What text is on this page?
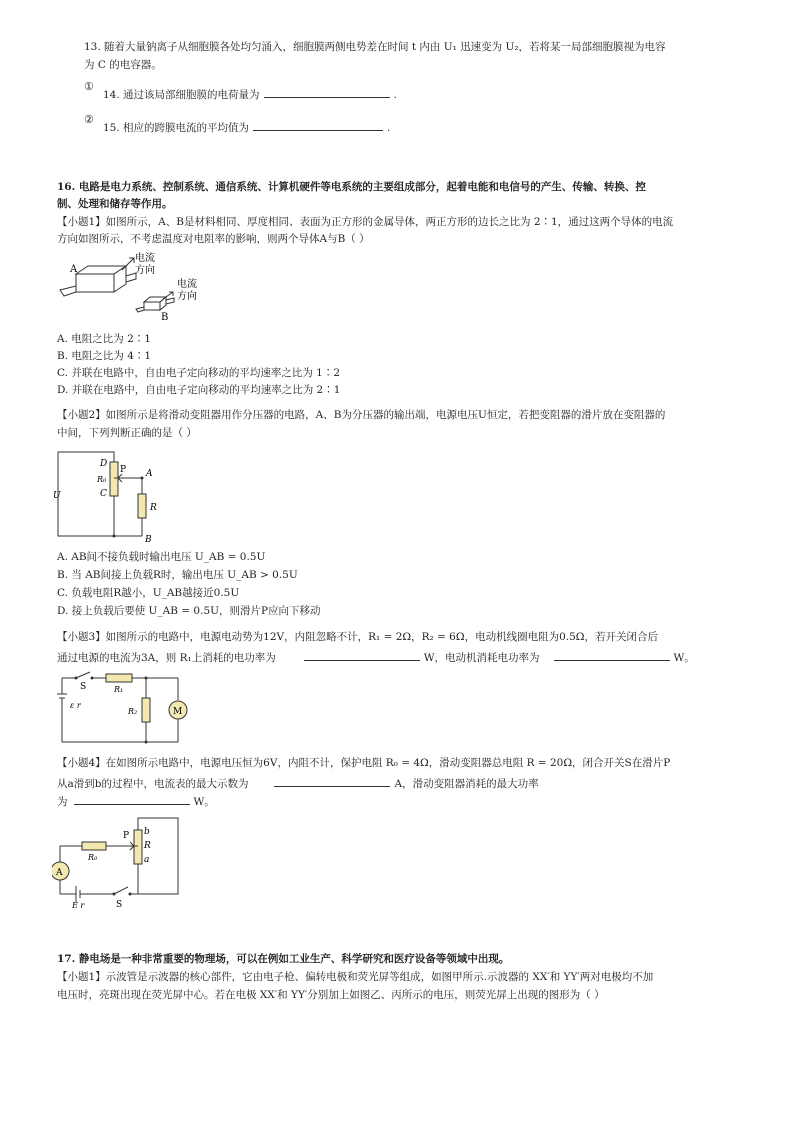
13. 随着大量钠离子从细胞膜各处均匀涌入，细胞膜两侧电势差在时间 t 内由 U₁ 迅速变为 U₂，若将某一局部细胞膜视为电容
为 C 的电容器。
①
14. 通过该局部细胞膜的电荷量为	.
②
15. 相应的跨膜电流的平均值为	.
16. 电路是电力系统、控制系统、通信系统、计算机硬件等电系统的主要组成部分，起着电能和电信号的产生、传输、转换、控
制、处理和储存等作用。
【小题1】如图所示，A、B是材料相同、厚度相同、表面为正方形的金属导体，两正方形的边长之比为 2∶1，通过这两个导体的电流
方向如图所示，不考虑温度对电阻率的影响，则两个导体A与B（ ）
A
电流
方向
电流
方向
B
A. 电阻之比为 2∶1
B. 电阻之比为 4∶1
C. 并联在电路中，自由电子定向移动的平均速率之比为 1∶2
D. 并联在电路中，自由电子定向移动的平均速率之比为 2∶1
【小题2】如图所示是将滑动变阻器用作分压器的电路，A、B为分压器的输出端，电源电压U恒定，若把变阻器的滑片放在变阻器的
中间，下列判断正确的是（ ）
D
P
R₀
C
A
U
R
B
A. AB间不接负载时输出电压 U_AB = 0.5U
B. 当 AB间接上负载R时，输出电压 U_AB > 0.5U
C. 负载电阻R越小，U_AB越接近0.5U
D. 接上负载后要使 U_AB = 0.5U，则滑片P应向下移动
【小题3】如图所示的电路中，电源电动势为12V，内阻忽略不计，R₁ = 2Ω，R₂ = 6Ω，电动机线圈电阻为0.5Ω，若开关闭合后
通过电源的电流为3A，则 R₁上消耗的电功率为	W，电动机消耗电功率为	W。
S	R₁
R₂	M
ε r
【小题4】在如图所示电路中，电源电压恒为6V，内阻不计，保护电阻 R₀ = 4Ω，滑动变阻器总电阻 R = 20Ω，闭合开关S在滑片P
从a滑到b的过程中，电流表的最大示数为	A，滑动变阻器消耗的最大功率
为	W。
P b
R
a
R₀
A
E r	S
17. 静电场是一种非常重要的物理场，可以在例如工业生产、科学研究和医疗设备等领域中出现。
【小题1】示波管是示波器的核心部件，它由电子枪、偏转电极和荧光屏等组成，如图甲所示.示波器的 XX′和 YY′两对电极均不加
电压时，亮斑出现在荧光屏中心。若在电极 XX′和 YY′分别加上如图乙、丙所示的电压，则荧光屏上出现的图形为（ ）
